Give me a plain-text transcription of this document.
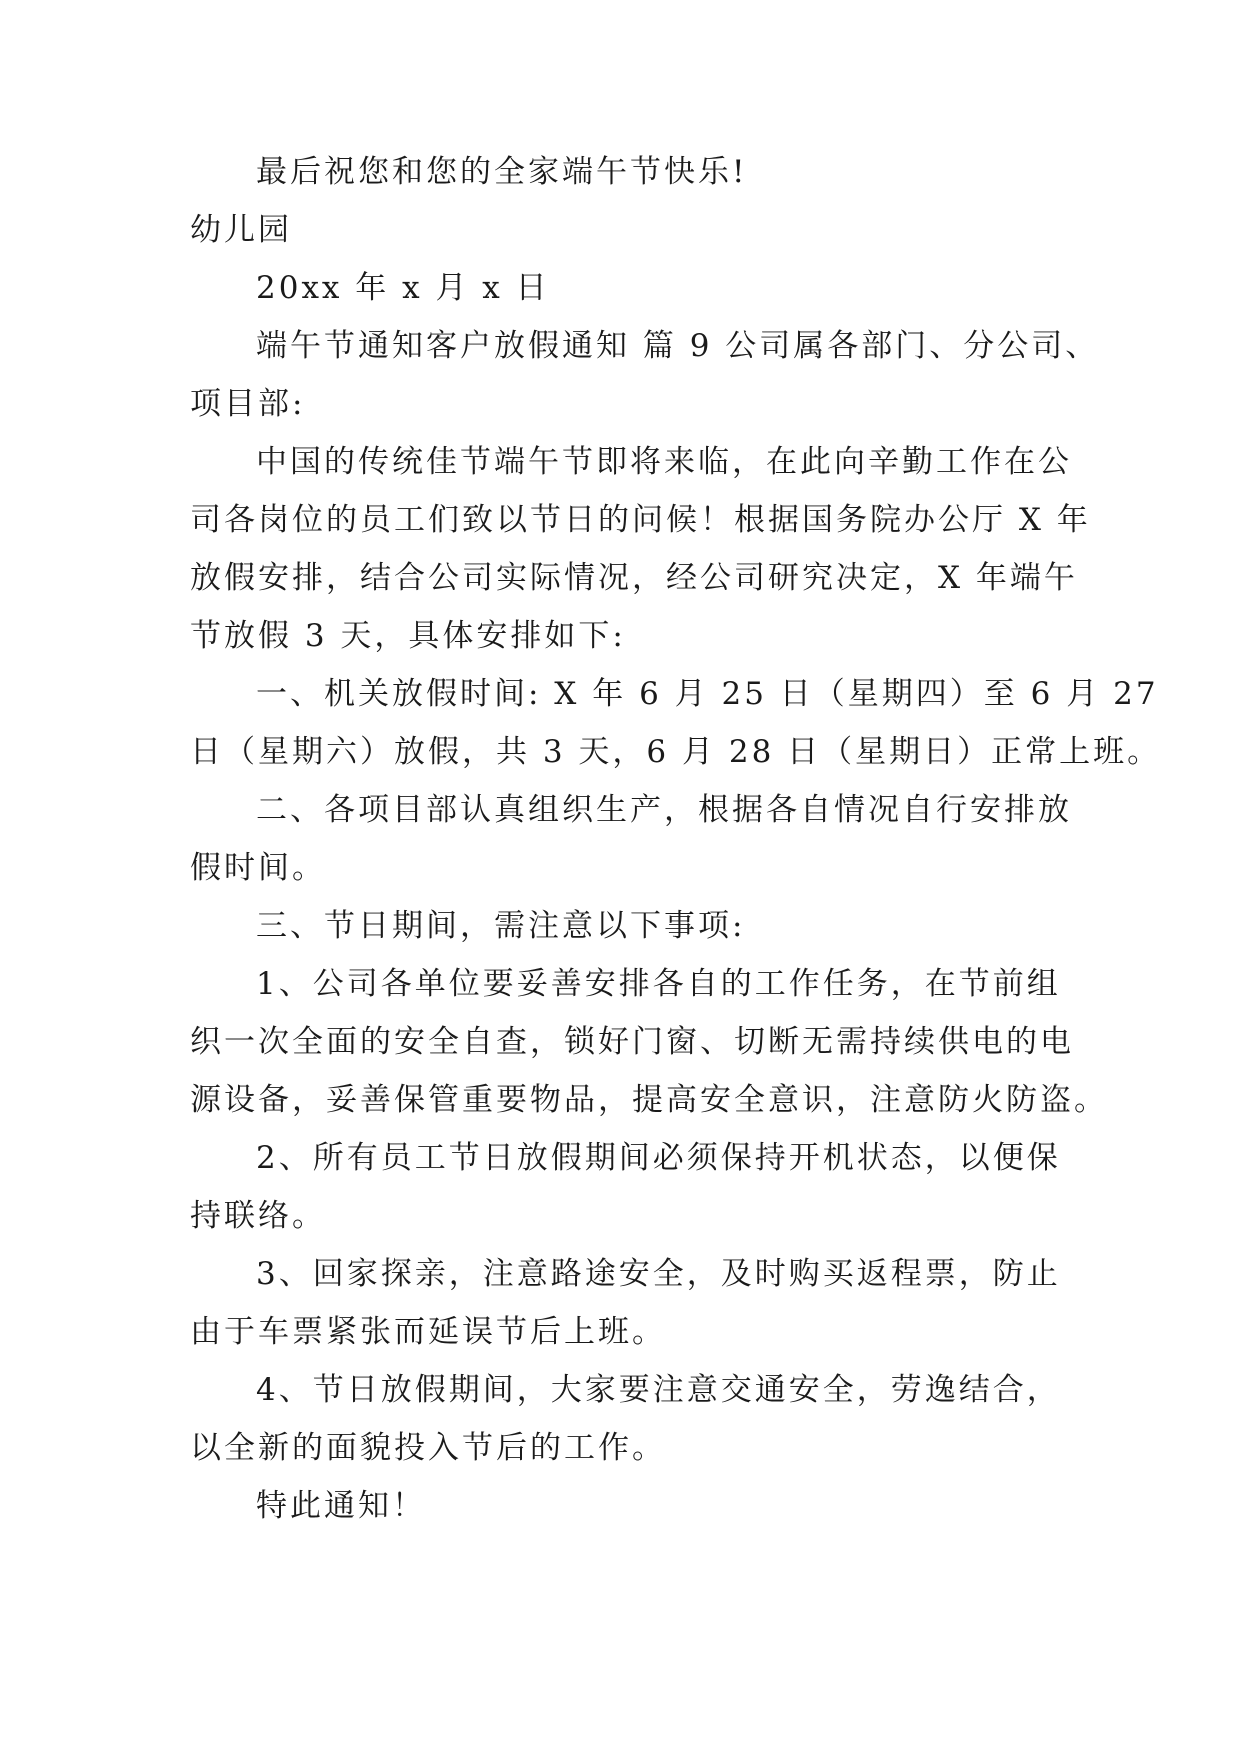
最后祝您和您的全家端午节快乐!
幼儿园
20xx 年 x 月 x 日
端午节通知客户放假通知 篇 9 公司属各部门、分公司、
项目部:
中国的传统佳节端午节即将来临，在此向辛勤工作在公
司各岗位的员工们致以节日的问候！根据国务院办公厅 X 年
放假安排，结合公司实际情况，经公司研究决定，X 年端午
节放假 3 天，具体安排如下:
一、机关放假时间: X 年 6 月 25 日（星期四）至 6 月 27
日（星期六）放假，共 3 天，6 月 28 日（星期日）正常上班。
二、各项目部认真组织生产，根据各自情况自行安排放
假时间。
三、节日期间，需注意以下事项:
1、公司各单位要妥善安排各自的工作任务，在节前组
织一次全面的安全自查，锁好门窗、切断无需持续供电的电
源设备，妥善保管重要物品，提高安全意识，注意防火防盗。
2、所有员工节日放假期间必须保持开机状态，以便保
持联络。
3、回家探亲，注意路途安全，及时购买返程票，防止
由于车票紧张而延误节后上班。
4、节日放假期间，大家要注意交通安全，劳逸结合，
以全新的面貌投入节后的工作。
特此通知！
